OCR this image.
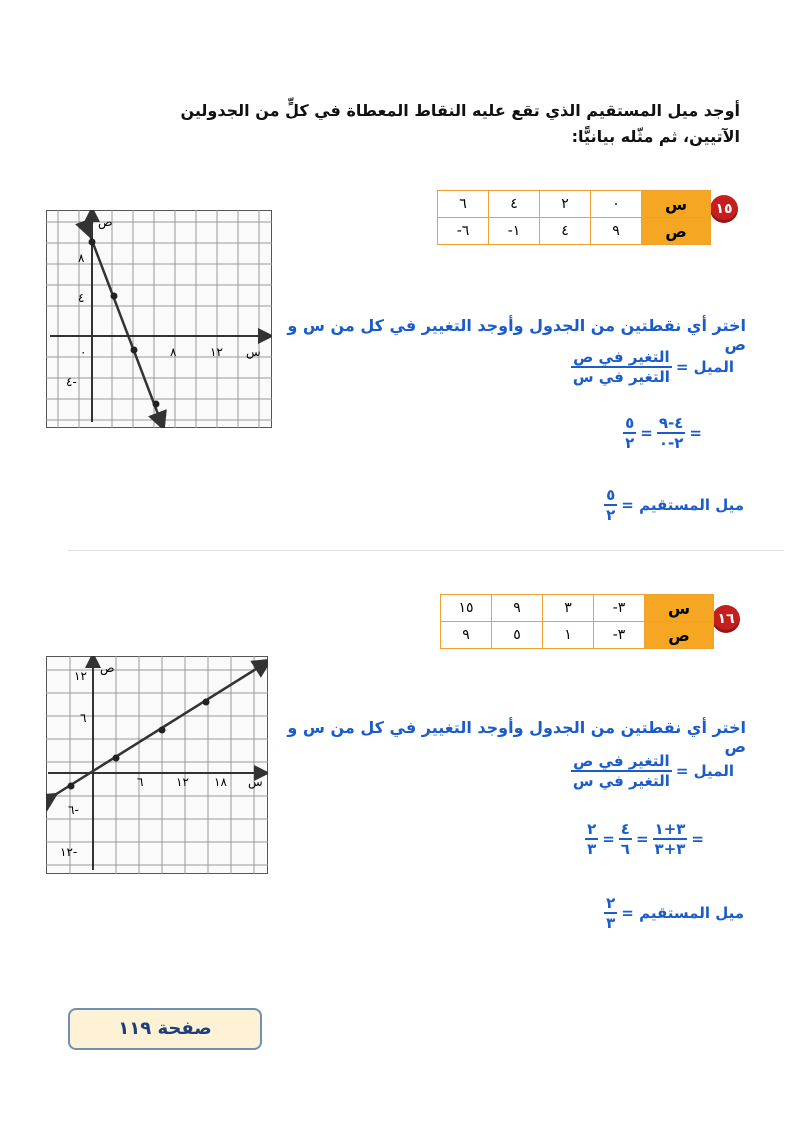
أوجد ميل المستقيم الذي تقع عليه النقاط المعطاة في كلٍّ من الجدولين الآتيين، ثم مثّله بيانيًّا:
١٥
س	٠	٢	٤	٦
ص	٩	٤	١-	٦-
ص
س
٨
٤
٤-
٨	١٢
٠
اختر أي نقطتين من الجدول وأوجد التغيير في كل من س و ص
الميل =
$\frac{\text{التغير في ص}}{\text{التغير في س}}$
=
$\frac{٤-٩}{٢-٠}$
=
$\frac{٥}{٢}$
ميل المستقيم =
$\frac{٥}{٢}$
١٦
س	٣-	٣	٩	١٥
ص	٣-	١	٥	٩
ص
س
١٢
٦
٦-
١٢-
٦	١٢ ١٨
اختر أي نقطتين من الجدول وأوجد التغيير في كل من س و ص
الميل =
$\frac{\text{التغير في ص}}{\text{التغير في س}}$
=
$\frac{٣+١}{٣+٣}$
=
$\frac{٤}{٦}$
=
$\frac{٢}{٣}$
ميل المستقيم =
$\frac{٢}{٣}$
صفحة ١١٩
